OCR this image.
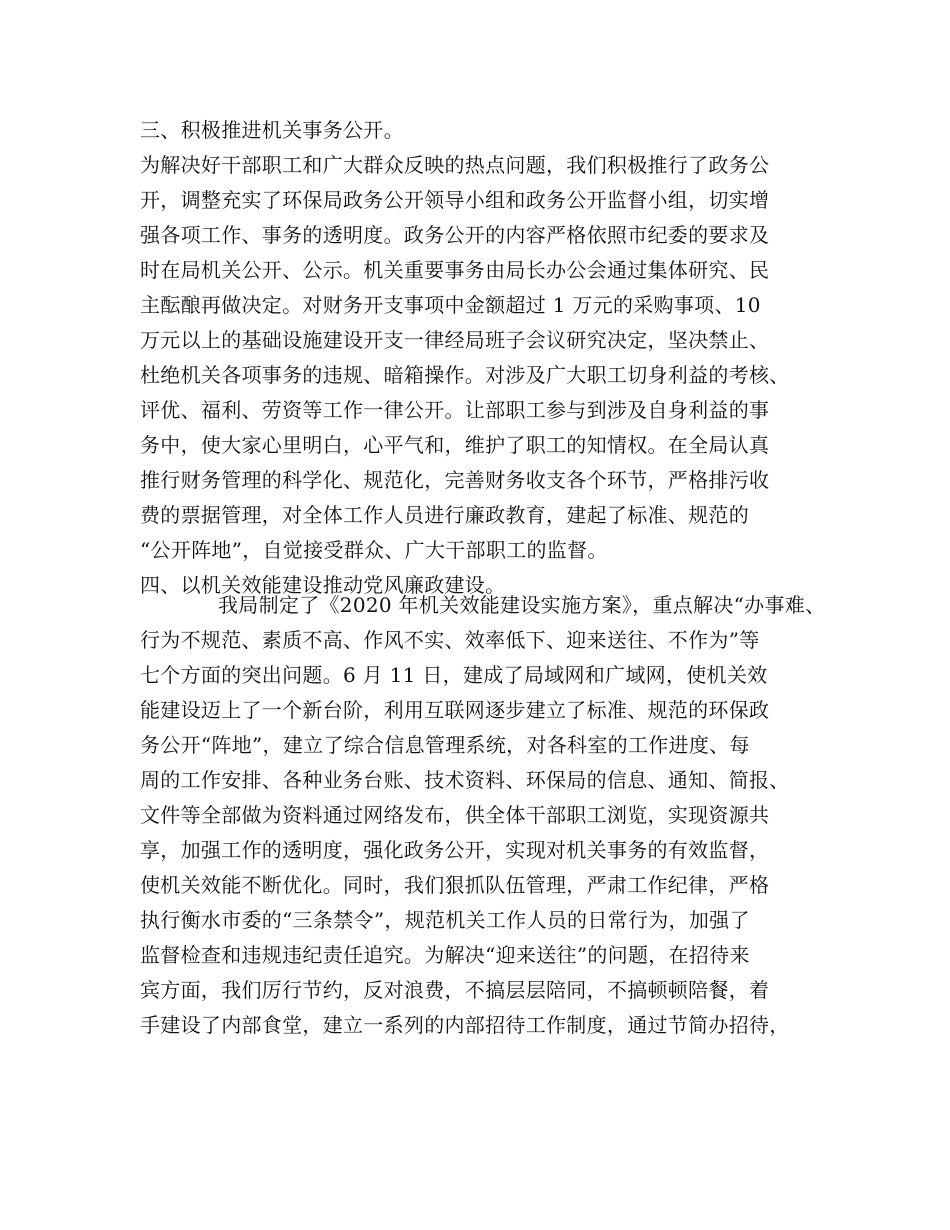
三、积极推进机关事务公开。
为解决好干部职工和广大群众反映的热点问题，我们积极推行了政务公
开，调整充实了环保局政务公开领导小组和政务公开监督小组，切实增
强各项工作、事务的透明度。政务公开的内容严格依照市纪委的要求及
时在局机关公开、公示。机关重要事务由局长办公会通过集体研究、民
主酝酿再做决定。对财务开支事项中金额超过 1 万元的采购事项、10
万元以上的基础设施建设开支一律经局班子会议研究决定，坚决禁止、
杜绝机关各项事务的违规、暗箱操作。对涉及广大职工切身利益的考核、
评优、福利、劳资等工作一律公开。让部职工参与到涉及自身利益的事
务中，使大家心里明白，心平气和，维护了职工的知情权。在全局认真
推行财务管理的科学化、规范化，完善财务收支各个环节，严格排污收
费的票据管理，对全体工作人员进行廉政教育，建起了标准、规范的
“公开阵地”，自觉接受群众、广大干部职工的监督。
四、以机关效能建设推动党风廉政建设。
我局制定了《2020 年机关效能建设实施方案》，重点解决“办事难、
行为不规范、素质不高、作风不实、效率低下、迎来送往、不作为”等
七个方面的突出问题。6 月 11 日，建成了局域网和广域网，使机关效
能建设迈上了一个新台阶，利用互联网逐步建立了标准、规范的环保政
务公开“阵地”，建立了综合信息管理系统，对各科室的工作进度、每
周的工作安排、各种业务台账、技术资料、环保局的信息、通知、简报、
文件等全部做为资料通过网络发布，供全体干部职工浏览，实现资源共
享，加强工作的透明度，强化政务公开，实现对机关事务的有效监督，
使机关效能不断优化。同时，我们狠抓队伍管理，严肃工作纪律，严格
执行衡水市委的“三条禁令”，规范机关工作人员的日常行为，加强了
监督检查和违规违纪责任追究。为解决“迎来送往”的问题，在招待来
宾方面，我们厉行节约，反对浪费，不搞层层陪同，不搞顿顿陪餐，着
手建设了内部食堂，建立一系列的内部招待工作制度，通过节简办招待，
